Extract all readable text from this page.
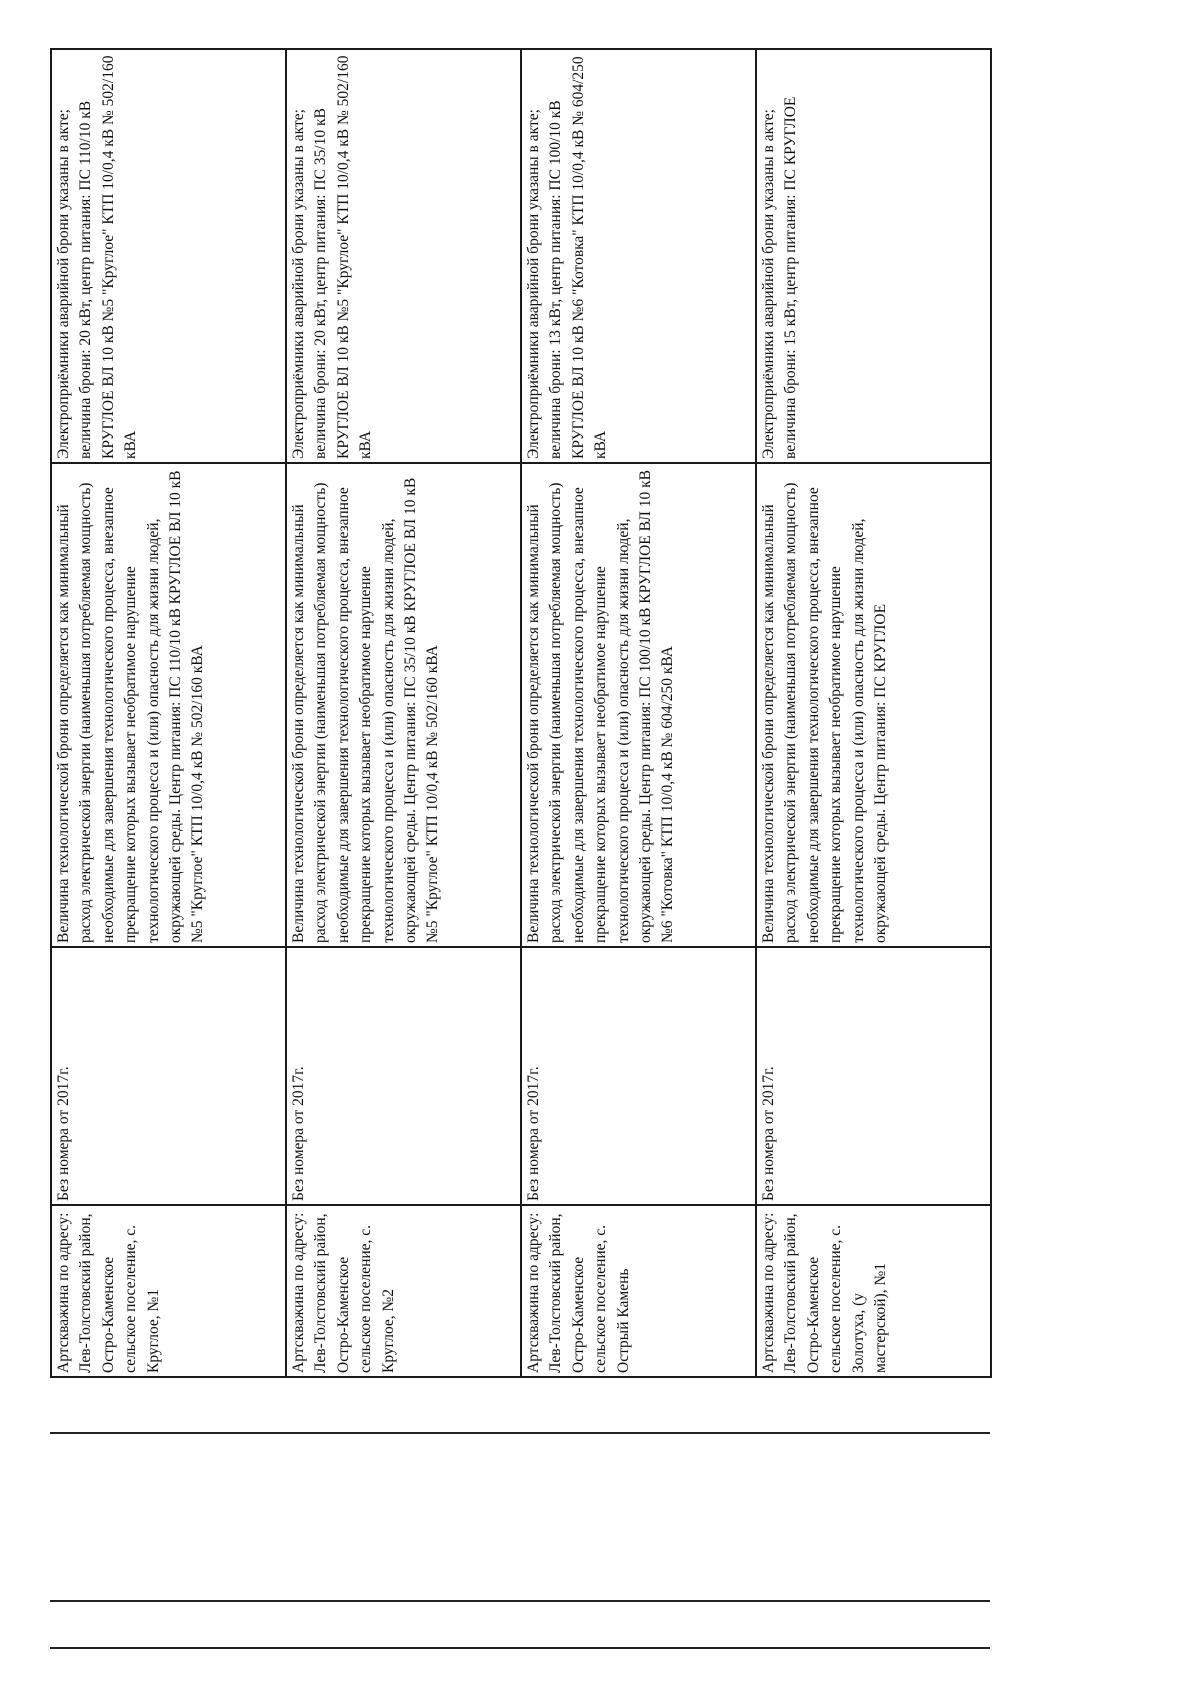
Артскважина по адресу: Лев-Толстовский район, Остро-Каменское сельское поселение, с. Круглое, №1	Без номера от 2017г.	Величина технологической брони определяется как минимальный расход электрической энергии (наименьшая потребляемая мощность) необходимые для завершения технологического процесса, внезапное прекращение которых вызывает необратимое нарушение технологического процесса и (или) опасность для жизни людей, окружающей среды. Центр питания: ПС 110/10 кВ КРУГЛОЕ ВЛ 10 кВ №5 "Круглое" КТП 10/0,4 кВ № 502/160 кВА	Электроприёмники аварийной брони указаны в акте; величина брони: 20 кВт, центр питания: ПС 110/10 кВ КРУГЛОЕ ВЛ 10 кВ №5 "Круглое" КТП 10/0,4 кВ № 502/160 кВА
Артскважина по адресу: Лев-Толстовский район, Остро-Каменское сельское поселение, с. Круглое, №2	Без номера от 2017г.	Величина технологической брони определяется как минимальный расход электрической энергии (наименьшая потребляемая мощность) необходимые для завершения технологического процесса, внезапное прекращение которых вызывает необратимое нарушение технологического процесса и (или) опасность для жизни людей, окружающей среды. Центр питания: ПС 35/10 кВ КРУГЛОЕ ВЛ 10 кВ №5 "Круглое" КТП 10/0,4 кВ № 502/160 кВА	Электроприёмники аварийной брони указаны в акте; величина брони: 20 кВт, центр питания: ПС 35/10 кВ КРУГЛОЕ ВЛ 10 кВ №5 "Круглое" КТП 10/0,4 кВ № 502/160 кВА
Артскважина по адресу: Лев-Толстовский район, Остро-Каменское сельское поселение, с. Острый Камень	Без номера от 2017г.	Величина технологической брони определяется как минимальный расход электрической энергии (наименьшая потребляемая мощность) необходимые для завершения технологического процесса, внезапное прекращение которых вызывает необратимое нарушение технологического процесса и (или) опасность для жизни людей, окружающей среды. Центр питания: ПС 100/10 кВ КРУГЛОЕ ВЛ 10 кВ №6 "Котовка" КТП 10/0,4 кВ № 604/250 кВА	Электроприёмники аварийной брони указаны в акте; величина брони: 13 кВт, центр питания: ПС 100/10 кВ КРУГЛОЕ ВЛ 10 кВ №6 "Котовка" КТП 10/0,4 кВ № 604/250 кВА
Артскважина по адресу: Лев-Толстовский район, Остро-Каменское сельское поселение, с. Золотуха, (у мастерской), №1	Без номера от 2017г.	Величина технологической брони определяется как минимальный расход электрической энергии (наименьшая потребляемая мощность) необходимые для завершения технологического процесса, внезапное прекращение которых вызывает необратимое нарушение технологического процесса и (или) опасность для жизни людей, окружающей среды. Центр питания: ПС КРУГЛОЕ	Электроприёмники аварийной брони указаны в акте; величина брони: 15 кВт, центр питания: ПС КРУГЛОЕ
